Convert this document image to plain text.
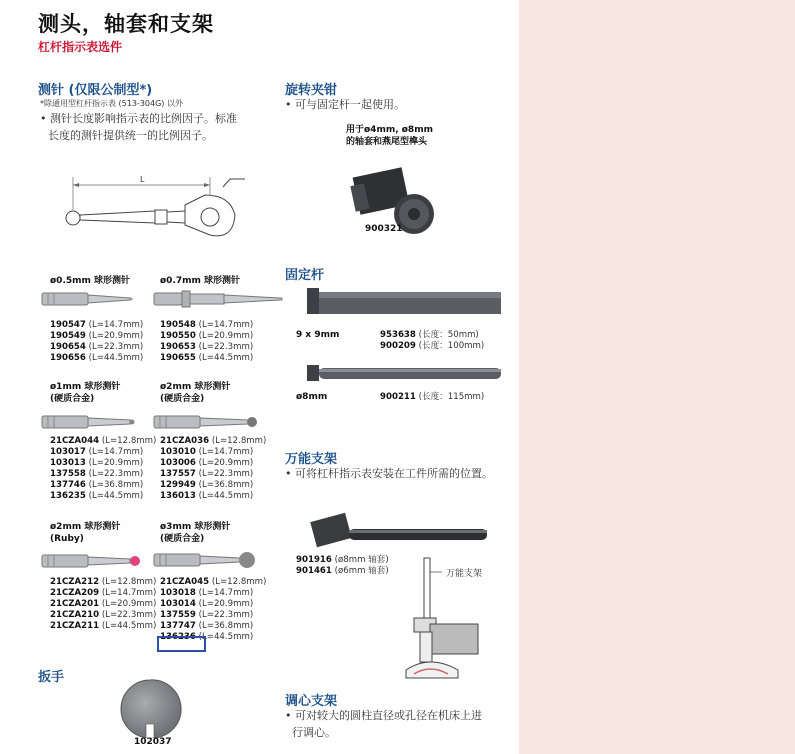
测头，轴套和支架
杠杆指示表选件
测针 (仅限公制型*)
*除通用型杠杆指示表 (513-304G) 以外
• 测针长度影响指示表的比例因子。标准
长度的测针提供统一的比例因子。
L
ø0.5mm 球形测针
190547 (L=14.7mm)
190549 (L=20.9mm)
190654 (L=22.3mm)
190656 (L=44.5mm)
ø0.7mm 球形测针
190548 (L=14.7mm)
190550 (L=20.9mm)
190653 (L=22.3mm)
190655 (L=44.5mm)
ø1mm 球形测针
(硬质合金)
21CZA044 (L=12.8mm)
103017 (L=14.7mm)
103013 (L=20.9mm)
137558 (L=22.3mm)
137746 (L=36.8mm)
136235 (L=44.5mm)
ø2mm 球形测针
(硬质合金)
21CZA036 (L=12.8mm)
103010 (L=14.7mm)
103006 (L=20.9mm)
137557 (L=22.3mm)
129949 (L=36.8mm)
136013 (L=44.5mm)
ø2mm 球形测针
(Ruby)
21CZA212 (L=12.8mm)
21CZA209 (L=14.7mm)
21CZA201 (L=20.9mm)
21CZA210 (L=22.3mm)
21CZA211 (L=44.5mm)
ø3mm 球形测针
(硬质合金)
21CZA045 (L=12.8mm)
103018 (L=14.7mm)
103014 (L=20.9mm)
137559 (L=22.3mm)
137747 (L=36.8mm)
136236 (L=44.5mm)
扳手
102037
旋转夹钳
• 可与固定杆一起使用。
用于ø4mm, ø8mm
的轴套和燕尾型榫头
900321
固定杆
9 x 9mm	953638 (长度：50mm)
900209 (长度：100mm)
ø8mm	900211 (长度：115mm)
万能支架
• 可将杠杆指示表安装在工件所需的位置。
901916 (ø8mm 轴套)
901461 (ø6mm 轴套)	万能支架
调心支架
• 可对较大的圆柱直径或孔径在机床上进
行调心。
